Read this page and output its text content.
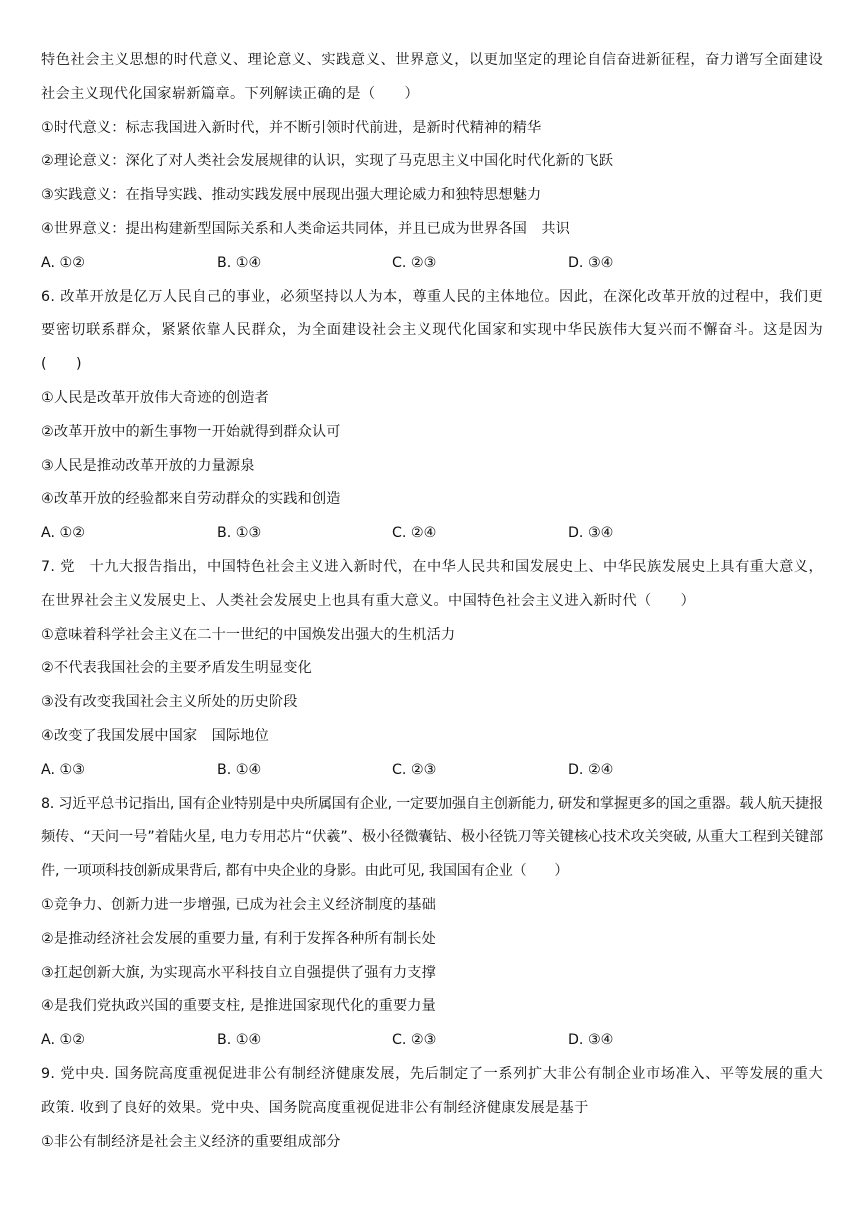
特色社会主义思想的时代意义、理论意义、实践意义、世界意义，以更加坚定的理论自信奋进新征程，奋力谱写全面建设社会主义现代化国家崭新篇章。下列解读正确的是（　　）
①时代意义：标志我国进入新时代，并不断引领时代前进，是新时代精神的精华
②理论意义：深化了对人类社会发展规律的认识，实现了马克思主义中国化时代化新的飞跃
③实践意义：在指导实践、推动实践发展中展现出强大理论威力和独特思想魅力
④世界意义：提出构建新型国际关系和人类命运共同体，并且已成为世界各国　共识
A. ①②	B. ①④	C. ②③	D. ③④
6. 改革开放是亿万人民自己的事业，必须坚持以人为本，尊重人民的主体地位。因此，在深化改革开放的过程中，我们更要密切联系群众，紧紧依靠人民群众，为全面建设社会主义现代化国家和实现中华民族伟大复兴而不懈奋斗。这是因为(　　)
①人民是改革开放伟大奇迹的创造者
②改革开放中的新生事物一开始就得到群众认可
③人民是推动改革开放的力量源泉
④改革开放的经验都来自劳动群众的实践和创造
A. ①②	B. ①③	C. ②④	D. ③④
7. 党　十九大报告指出，中国特色社会主义进入新时代，在中华人民共和国发展史上、中华民族发展史上具有重大意义，在世界社会主义发展史上、人类社会发展史上也具有重大意义。中国特色社会主义进入新时代（　　）
①意味着科学社会主义在二十一世纪的中国焕发出强大的生机活力
②不代表我国社会的主要矛盾发生明显变化
③没有改变我国社会主义所处的历史阶段
④改变了我国发展中国家　国际地位
A. ①③	B. ①④	C. ②③	D. ②④
8. 习近平总书记指出, 国有企业特别是中央所属国有企业, 一定要加强自主创新能力, 研发和掌握更多的国之重器。载人航天捷报频传、“天问一号”着陆火星, 电力专用芯片“伏羲”、极小径微囊钻、极小径铣刀等关键核心技术攻关突破, 从重大工程到关键部件, 一项项科技创新成果背后, 都有中央企业的身影。由此可见, 我国国有企业（　　）
①竞争力、创新力进一步增强, 已成为社会主义经济制度的基础
②是推动经济社会发展的重要力量, 有利于发挥各种所有制长处
③扛起创新大旗, 为实现高水平科技自立自强提供了强有力支撑
④是我们党执政兴国的重要支柱, 是推进国家现代化的重要力量
A. ①②	B. ①④	C. ②③	D. ③④
9. 党中央. 国务院高度重视促进非公有制经济健康发展，先后制定了一系列扩大非公有制企业市场准入、平等发展的重大政策. 收到了良好的效果。党中央、国务院高度重视促进非公有制经济健康发展是基于
①非公有制经济是社会主义经济的重要组成部分
